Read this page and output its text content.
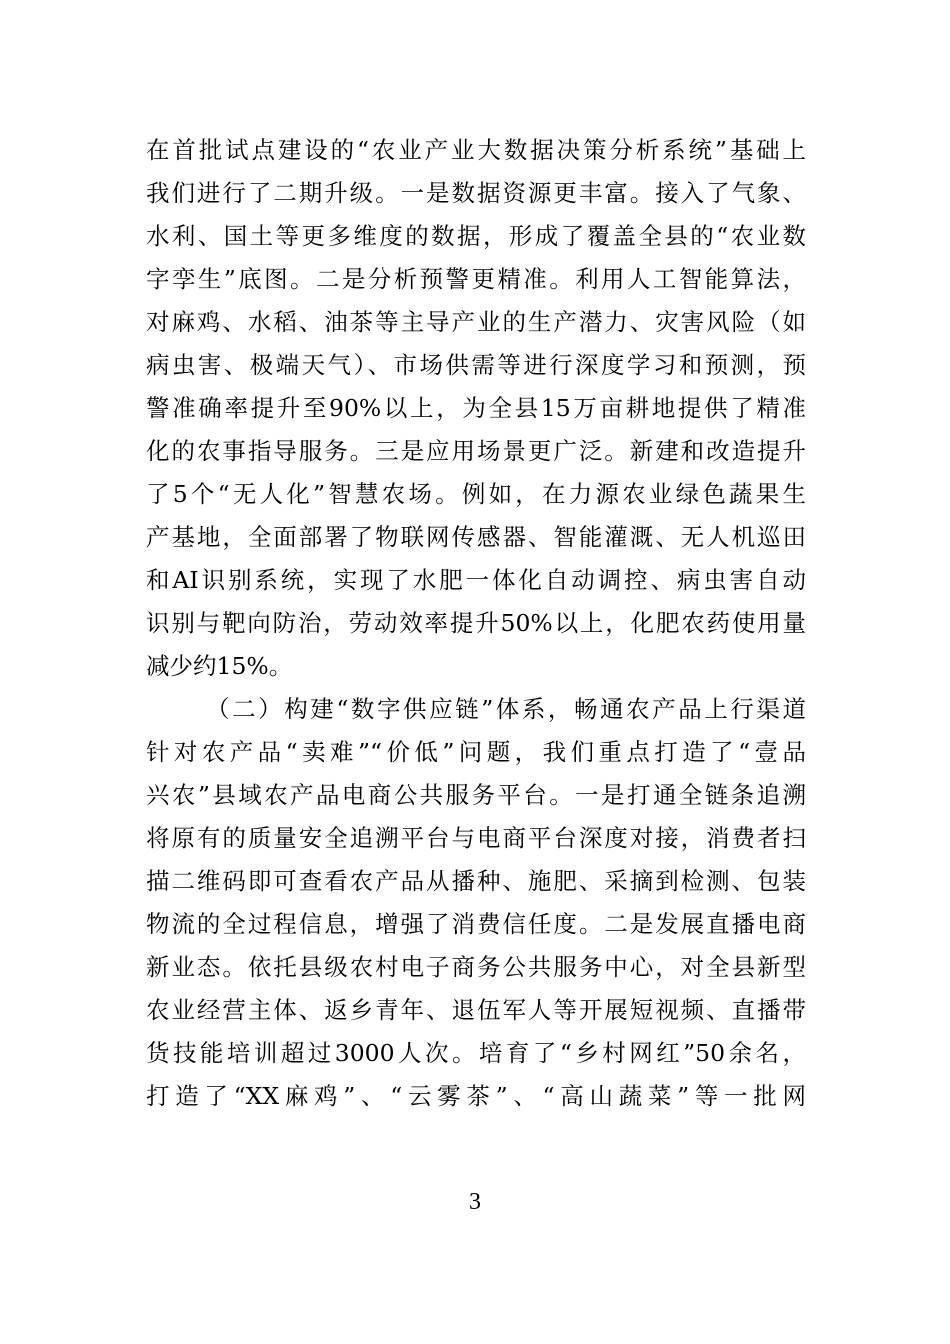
在首批试点建设的“农业产业大数据决策分析系统”基础上
我们进行了二期升级。一是数据资源更丰富。接入了气象、
水利、国土等更多维度的数据，形成了覆盖全县的“农业数
字孪生”底图。二是分析预警更精准。利用人工智能算法，
对麻鸡、水稻、油茶等主导产业的生产潜力、灾害风险（如
病虫害、极端天气）、市场供需等进行深度学习和预测，预
警准确率提升至90%以上，为全县15万亩耕地提供了精准
化的农事指导服务。三是应用场景更广泛。新建和改造提升
了5个“无人化”智慧农场。例如，在力源农业绿色蔬果生
产基地，全面部署了物联网传感器、智能灌溉、无人机巡田
和AI识别系统，实现了水肥一体化自动调控、病虫害自动
识别与靶向防治，劳动效率提升50%以上，化肥农药使用量
减少约15%。
（二）构建“数字供应链”体系，畅通农产品上行渠道
针对农产品“卖难”“价低”问题，我们重点打造了“壹品
兴农”县域农产品电商公共服务平台。一是打通全链条追溯
将原有的质量安全追溯平台与电商平台深度对接，消费者扫
描二维码即可查看农产品从播种、施肥、采摘到检测、包装
物流的全过程信息，增强了消费信任度。二是发展直播电商
新业态。依托县级农村电子商务公共服务中心，对全县新型
农业经营主体、返乡青年、退伍军人等开展短视频、直播带
货技能培训超过3000人次。培育了“乡村网红”50余名，
打造了“XX麻鸡”、“云雾茶”、“高山蔬菜”等一批网
3
